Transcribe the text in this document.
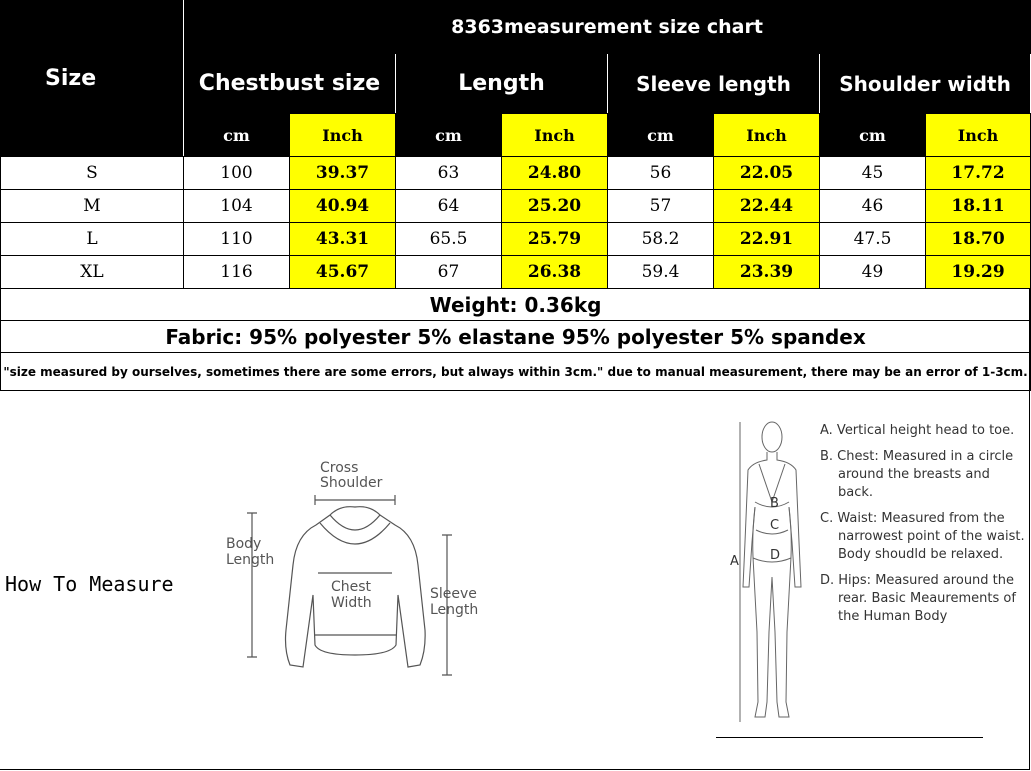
Size	8363measurement size chart							
	Chestbust size		Length		Sleeve length		Shoulder width	
	cm	Inch	cm	Inch	cm	Inch	cm	Inch
S	100	39.37	63	24.80	56	22.05	45	17.72
M	104	40.94	64	25.20	57	22.44	46	18.11
L	110	43.31	65.5	25.79	58.2	22.91	47.5	18.70
XL	116	45.67	67	26.38	59.4	23.39	49	19.29
Weight: 0.36kg								
Fabric: 95% polyester 5% elastane 95% polyester 5% spandex								
"size measured by ourselves, sometimes there are some errors, but always within 3cm." due to manual measurement, there may be an error of 1-3cm.								
How To Measure
Cross
Shoulder
Body
Length
Chest
Width
Sleeve
Length
A
B
C
D

A. Vertical height head to toe.

B. Chest: Measured in a circle around the breasts and back.

C. Waist: Measured from the narrowest point of the waist. Body shoudld be relaxed.

D. Hips: Measured around the rear. Basic Meaurements of the Human Body
